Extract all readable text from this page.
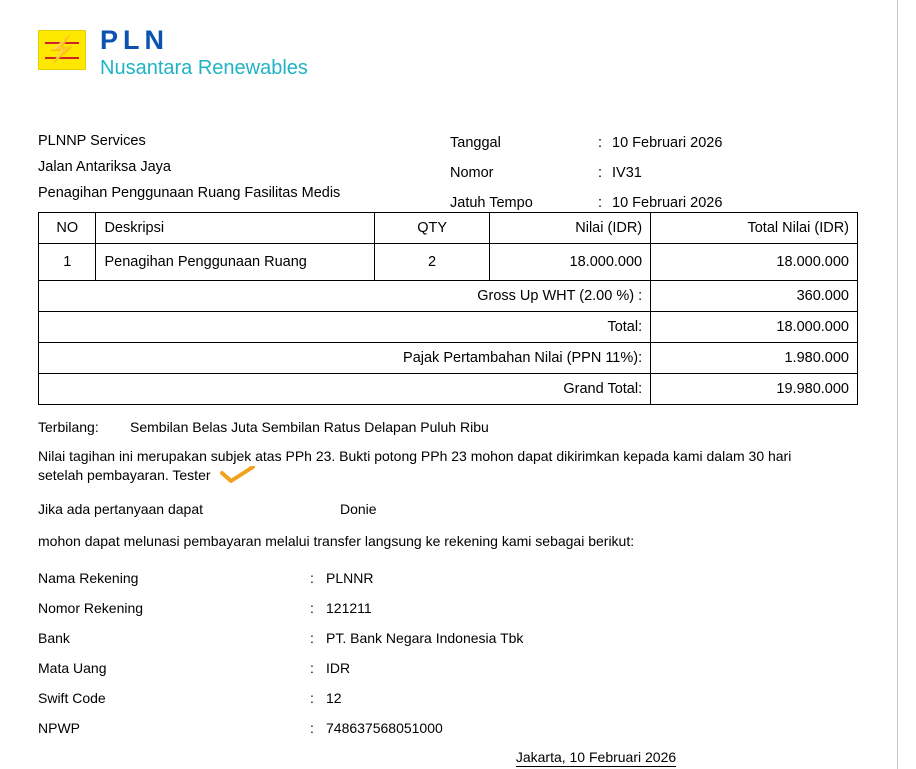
⚡ PLN
Nusantara Renewables
PLNNP Services
Jalan Antariksa Jaya
Penagihan Penggunaan Ruang Fasilitas Medis
Tanggal	: 10 Februari 2026
Nomor	: IV31
Jatuh Tempo	: 10 Februari 2026
NO	Deskripsi	QTY	Nilai (IDR)	Total Nilai (IDR)
1	Penagihan Penggunaan Ruang	2	18.000.000	18.000.000
Gross Up WHT (2.00 %) :				360.000
Total:				18.000.000
Pajak Pertambahan Nilai (PPN 11%):				1.980.000
Grand Total:				19.980.000
Terbilang:	Sembilan Belas Juta Sembilan Ratus Delapan Puluh Ribu
Nilai tagihan ini merupakan subjek atas PPh 23. Bukti potong PPh 23 mohon dapat dikirimkan kepada kami dalam 30 hari setelah pembayaran. Tester
Jika ada pertanyaan dapat	Donie
mohon dapat melunasi pembayaran melalui transfer langsung ke rekening kami sebagai berikut:
Nama Rekening	: PLNNR
Nomor Rekening	: 121211
Bank	: PT. Bank Negara Indonesia Tbk
Mata Uang	: IDR
Swift Code	: 12
NPWP	: 748637568051000
Jakarta, 10 Februari 2026
